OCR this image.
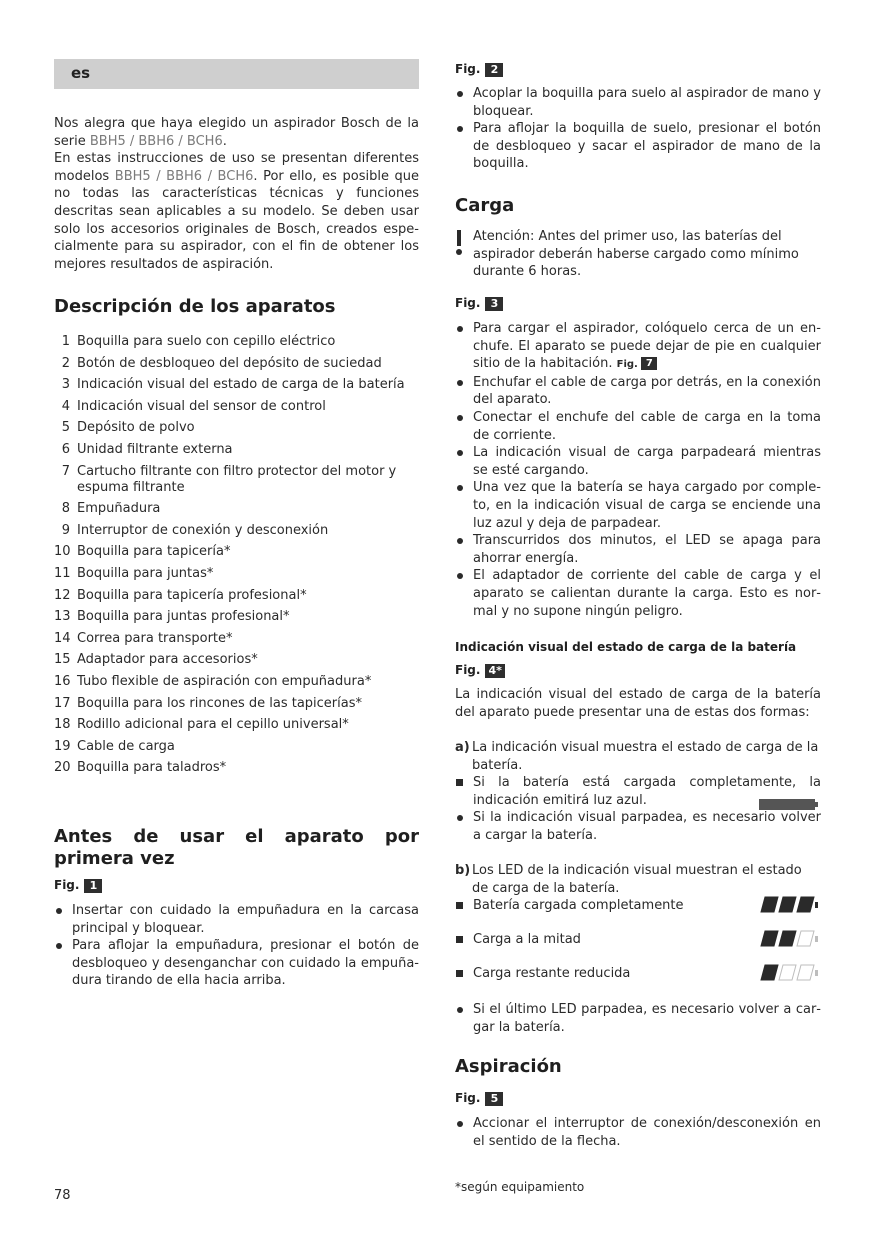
es
Nos alegra que haya elegido un aspirador Bosch de la serie BBH5 / BBH6 / BCH6.
En estas instrucciones de uso se presentan diferentes modelos BBH5 / BBH6 / BCH6. Por ello, es posible que no todas las características técnicas y funciones descritas sean aplicables a su modelo. Se deben usar solo los accesorios originales de Bosch, creados especialmente para su aspirador, con el fin de obtener los mejores resultados de aspiración.
Descripción de los aparatos
1 Boquilla para suelo con cepillo eléctrico
2 Botón de desbloqueo del depósito de suciedad
3 Indicación visual del estado de carga de la batería
4 Indicación visual del sensor de control
5 Depósito de polvo
6 Unidad filtrante externa
7 Cartucho filtrante con filtro protector del motor y espuma filtrante
8 Empuñadura
9 Interruptor de conexión y desconexión
10 Boquilla para tapicería*
11 Boquilla para juntas*
12 Boquilla para tapicería profesional*
13 Boquilla para juntas profesional*
14 Correa para transporte*
15 Adaptador para accesorios*
16 Tubo flexible de aspiración con empuñadura*
17 Boquilla para los rincones de las tapicerías*
18 Rodillo adicional para el cepillo universal*
19 Cable de carga
20 Boquilla para taladros*
Antes de usar el aparato por primera vez
Fig. 1
Insertar con cuidado la empuñadura en la carcasa principal y bloquear.
Para aflojar la empuñadura, presionar el botón de desbloqueo y desenganchar con cuidado la empuñadura tirando de ella hacia arriba.
Fig. 2
Acoplar la boquilla para suelo al aspirador de mano y bloquear.
Para aflojar la boquilla de suelo, presionar el botón de desbloqueo y sacar el aspirador de mano de la boquilla.
Carga
Atención: Antes del primer uso, las baterías del aspirador deberán haberse cargado como mínimo durante 6 horas.
Fig. 3
Para cargar el aspirador, colóquelo cerca de un enchufe. El aparato se puede dejar de pie en cualquier sitio de la habitación. Fig. 7
Enchufar el cable de carga por detrás, en la conexión del aparato.
Conectar el enchufe del cable de carga en la toma de corriente.
La indicación visual de carga parpadeará mientras se esté cargando.
Una vez que la batería se haya cargado por completo, en la indicación visual de carga se enciende una luz azul y deja de parpadear.
Transcurridos dos minutos, el LED se apaga para ahorrar energía.
El adaptador de corriente del cable de carga y el aparato se calientan durante la carga. Esto es normal y no supone ningún peligro.
Indicación visual del estado de carga de la batería
Fig. 4*
La indicación visual del estado de carga de la batería del aparato puede presentar una de estas dos formas:
a) La indicación visual muestra el estado de carga de la batería.
Si la batería está cargada completamente, la indicación emitirá luz azul.
Si la indicación visual parpadea, es necesario volver a cargar la batería.
b) Los LED de la indicación visual muestran el estado de carga de la batería.
Batería cargada completamente
Carga a la mitad
Carga restante reducida
Si el último LED parpadea, es necesario volver a cargar la batería.
Aspiración
Fig. 5
Accionar el interruptor de conexión/desconexión en el sentido de la flecha.
78
*según equipamiento
